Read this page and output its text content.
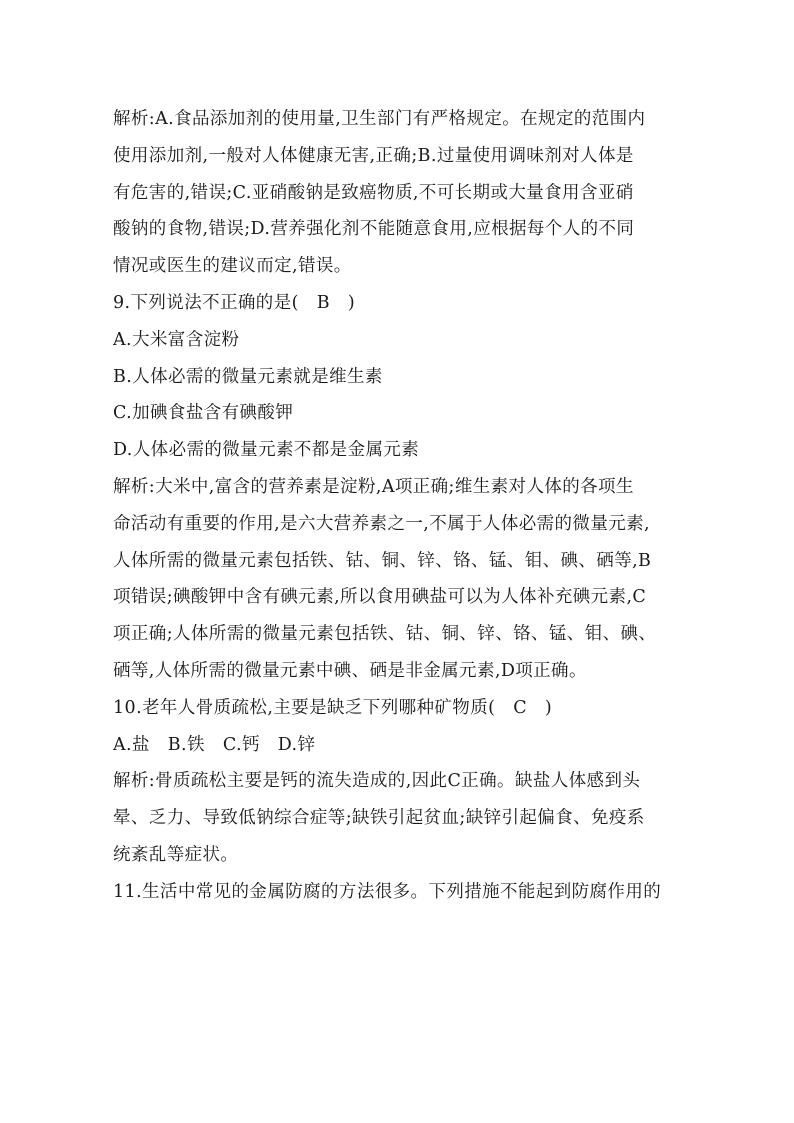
解析:A.食品添加剂的使用量,卫生部门有严格规定。在规定的范围内
使用添加剂,一般对人体健康无害,正确;B.过量使用调味剂对人体是
有危害的,错误;C.亚硝酸钠是致癌物质,不可长期或大量食用含亚硝
酸钠的食物,错误;D.营养强化剂不能随意食用,应根据每个人的不同
情况或医生的建议而定,错误。
9.下列说法不正确的是(　B　)
A.大米富含淀粉
B.人体必需的微量元素就是维生素
C.加碘食盐含有碘酸钾
D.人体必需的微量元素不都是金属元素
解析:大米中,富含的营养素是淀粉,A项正确;维生素对人体的各项生
命活动有重要的作用,是六大营养素之一,不属于人体必需的微量元素,
人体所需的微量元素包括铁、钴、铜、锌、铬、锰、钼、碘、硒等,B
项错误;碘酸钾中含有碘元素,所以食用碘盐可以为人体补充碘元素,C
项正确;人体所需的微量元素包括铁、钴、铜、锌、铬、锰、钼、碘、
硒等,人体所需的微量元素中碘、硒是非金属元素,D项正确。
10.老年人骨质疏松,主要是缺乏下列哪种矿物质(　C　)
A.盐　B.铁　C.钙　D.锌
解析:骨质疏松主要是钙的流失造成的,因此C正确。缺盐人体感到头
晕、乏力、导致低钠综合症等;缺铁引起贫血;缺锌引起偏食、免疫系
统紊乱等症状。
11.生活中常见的金属防腐的方法很多。下列措施不能起到防腐作用的
